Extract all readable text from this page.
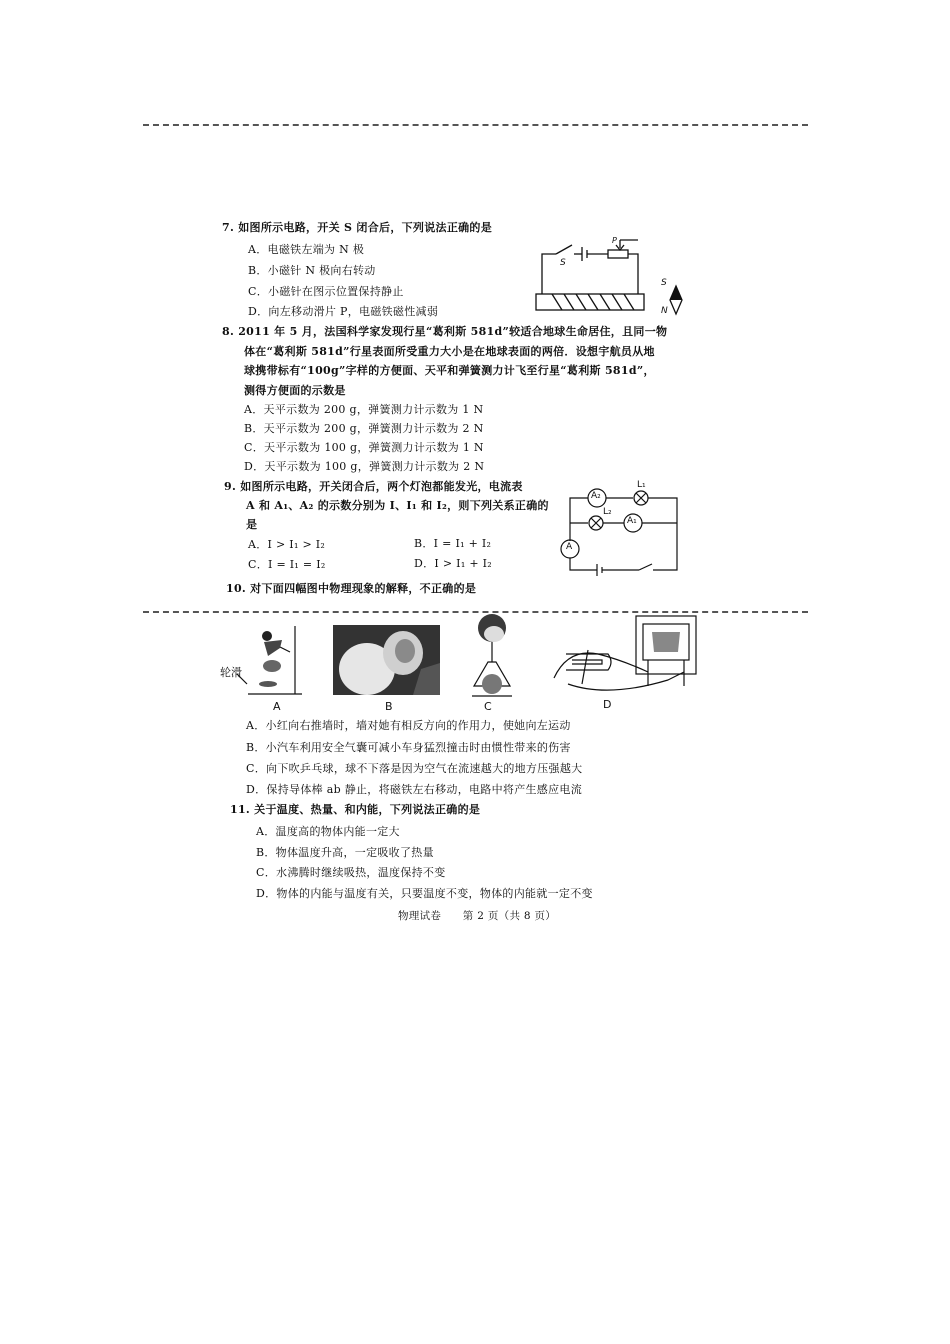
7. 如图所示电路，开关 S 闭合后，下列说法正确的是
A．电磁铁左端为 N 极
B．小磁针 N 极向右转动
C．小磁针在图示位置保持静止
D．向左移动滑片 P，电磁铁磁性减弱
S
P
S
N
8. 2011 年 5 月，法国科学家发现行星“葛利斯 581d”较适合地球生命居住，且同一物
体在“葛利斯 581d”行星表面所受重力大小是在地球表面的两倍．设想宇航员从地
球携带标有“100g”字样的方便面、天平和弹簧测力计飞至行星“葛利斯 581d”，
测得方便面的示数是
A．天平示数为 200 g，弹簧测力计示数为 1 N
B．天平示数为 200 g，弹簧测力计示数为 2 N
C．天平示数为 100 g，弹簧测力计示数为 1 N
D．天平示数为 100 g，弹簧测力计示数为 2 N
9. 如图所示电路，开关闭合后，两个灯泡都能发光，电流表
A 和 A₁、A₂ 的示数分别为 I、I₁ 和 I₂，则下列关系正确的
是
A．I > I₁ > I₂	B．I = I₁ + I₂
C．I = I₁ = I₂	D．I > I₁ + I₂
A₂
L₁
L₂
A₁
A
10. 对下面四幅图中物理现象的解释，不正确的是
轮滑
A	B	C	D
A．小红向右推墙时，墙对她有相反方向的作用力，使她向左运动
B．小汽车利用安全气囊可减小车身猛烈撞击时由惯性带来的伤害
C．向下吹乒乓球，球不下落是因为空气在流速越大的地方压强越大
D．保持导体棒 ab 静止，将磁铁左右移动，电路中将产生感应电流
11. 关于温度、热量、和内能，下列说法正确的是
A．温度高的物体内能一定大
B．物体温度升高，一定吸收了热量
C．水沸腾时继续吸热，温度保持不变
D．物体的内能与温度有关，只要温度不变，物体的内能就一定不变
物理试卷　　第 2 页（共 8 页）
